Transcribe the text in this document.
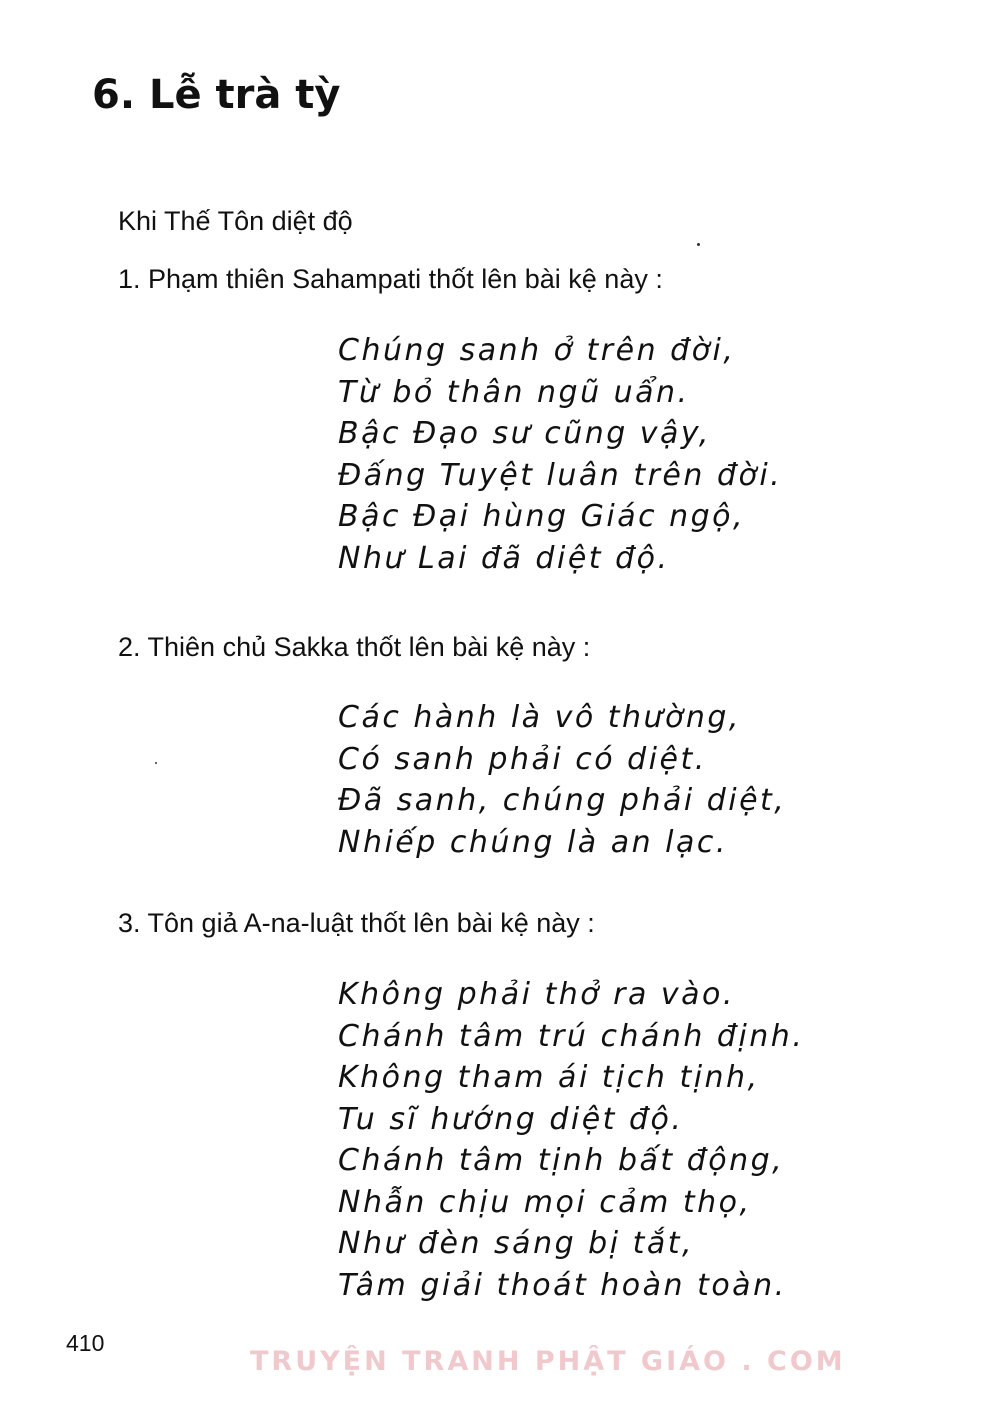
6. Lễ trà tỳ
Khi Thế Tôn diệt độ
1. Phạm thiên Sahampati thốt lên bài kệ này :
Chúng sanh ở trên đời,
Từ bỏ thân ngũ uẩn.
Bậc Đạo sư cũng vậy,
Đấng Tuyệt luân trên đời.
Bậc Đại hùng Giác ngộ,
Như Lai đã diệt độ.
2. Thiên chủ Sakka thốt lên bài kệ này :
Các hành là vô thường,
Có sanh phải có diệt.
Đã sanh, chúng phải diệt,
Nhiếp chúng là an lạc.
3. Tôn giả A-na-luật thốt lên bài kệ này :
Không phải thở ra vào.
Chánh tâm trú chánh định.
Không tham ái tịch tịnh,
Tu sĩ hướng diệt độ.
Chánh tâm tịnh bất động,
Nhẫn chịu mọi cảm thọ,
Như đèn sáng bị tắt,
Tâm giải thoát hoàn toàn.
410
TRUYỆN TRANH PHẬT GIÁO . COM
